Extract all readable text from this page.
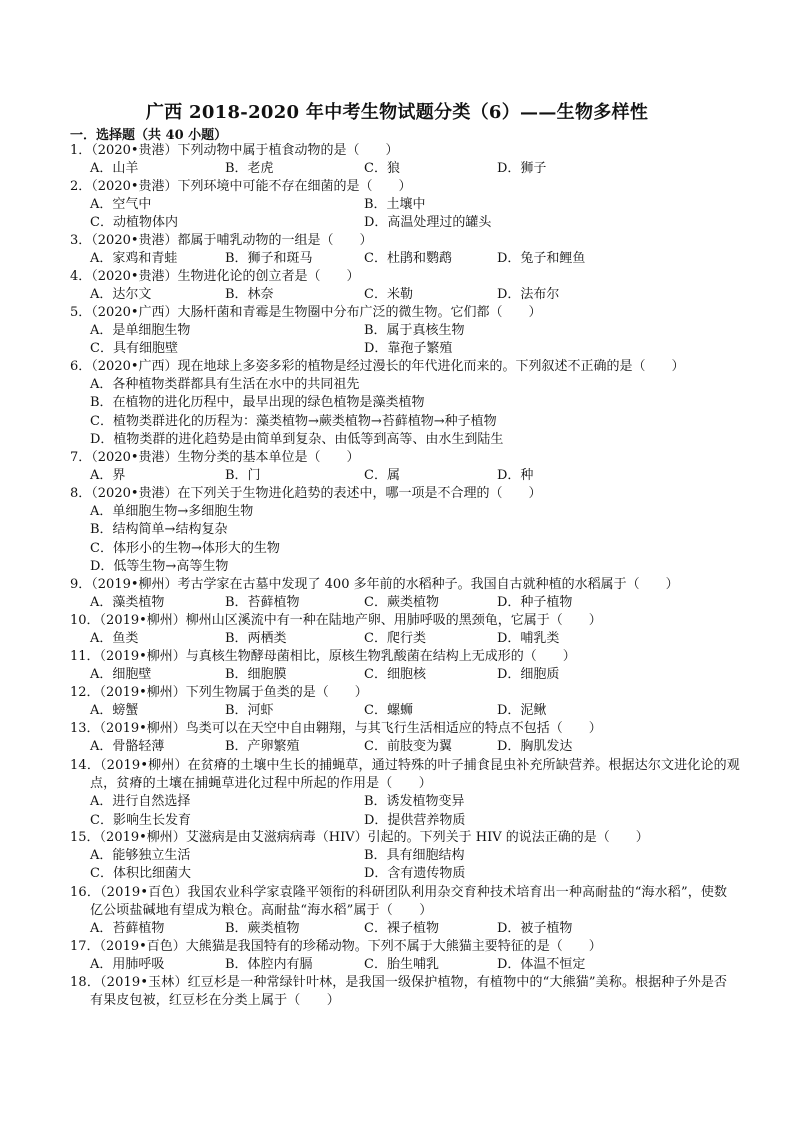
广西 2018-2020 年中考生物试题分类（6）——生物多样性
一．选择题（共 40 小题）
1．（2020•贵港）下列动物中属于植食动物的是（　　）
A．山羊	B．老虎	C．狼	D．狮子
2．（2020•贵港）下列环境中可能不存在细菌的是（　　）
A．空气中	B．土壤中
C．动植物体内	D．高温处理过的罐头
3．（2020•贵港）都属于哺乳动物的一组是（　　）
A．家鸡和青蛙	B．狮子和斑马	C．杜鹃和鹦鹉	D．兔子和鲤鱼
4．（2020•贵港）生物进化论的创立者是（　　）
A．达尔文	B．林奈	C．米勒	D．法布尔
5．（2020•广西）大肠杆菌和青霉是生物圈中分布广泛的微生物。它们都（　　）
A．是单细胞生物	B．属于真核生物
C．具有细胞壁	D．靠孢子繁殖
6．（2020•广西）现在地球上多姿多彩的植物是经过漫长的年代进化而来的。下列叙述不正确的是（　　）
A．各种植物类群都具有生活在水中的共同祖先
B．在植物的进化历程中，最早出现的绿色植物是藻类植物
C．植物类群进化的历程为：藻类植物→蕨类植物→苔藓植物→种子植物
D．植物类群的进化趋势是由简单到复杂、由低等到高等、由水生到陆生
7．（2020•贵港）生物分类的基本单位是（　　）
A．界	B．门	C．属	D．种
8．（2020•贵港）在下列关于生物进化趋势的表述中，哪一项是不合理的（　　）
A．单细胞生物→多细胞生物
B．结构简单→结构复杂
C．体形小的生物→体形大的生物
D．低等生物→高等生物
9．（2019•柳州）考古学家在古墓中发现了 400 多年前的水稻种子。我国自古就种植的水稻属于（　　）
A．藻类植物	B．苔藓植物	C．蕨类植物	D．种子植物
10．（2019•柳州）柳州山区溪流中有一种在陆地产卵、用肺呼吸的黑颈龟，它属于（　　）
A．鱼类	B．两栖类	C．爬行类	D．哺乳类
11．（2019•柳州）与真核生物酵母菌相比，原核生物乳酸菌在结构上无成形的（　　）
A．细胞壁	B．细胞膜	C．细胞核	D．细胞质
12．（2019•柳州）下列生物属于鱼类的是（　　）
A．螃蟹	B．河虾	C．螺蛳	D．泥鳅
13．（2019•柳州）鸟类可以在天空中自由翱翔，与其飞行生活相适应的特点不包括（　　）
A．骨骼轻薄	B．产卵繁殖	C．前肢变为翼	D．胸肌发达
14．（2019•柳州）在贫瘠的土壤中生长的捕蝇草，通过特殊的叶子捕食昆虫补充所缺营养。根据达尔文进化论的观点，贫瘠的土壤在捕蝇草进化过程中所起的作用是（　　）
A．进行自然选择	B．诱发植物变异
C．影响生长发育	D．提供营养物质
15．（2019•柳州）艾滋病是由艾滋病病毒（HIV）引起的。下列关于 HIV 的说法正确的是（　　）
A．能够独立生活	B．具有细胞结构
C．体积比细菌大	D．含有遗传物质
16．（2019•百色）我国农业科学家袁隆平领衔的科研团队利用杂交育种技术培育出一种高耐盐的“海水稻”，使数亿公顷盐碱地有望成为粮仓。高耐盐“海水稻”属于（　　）
A．苔藓植物	B．蕨类植物	C．裸子植物	D．被子植物
17．（2019•百色）大熊猫是我国特有的珍稀动物。下列不属于大熊猫主要特征的是（　　）
A．用肺呼吸	B．体腔内有膈	C．胎生哺乳	D．体温不恒定
18．（2019•玉林）红豆杉是一种常绿针叶林，是我国一级保护植物，有植物中的“大熊猫”美称。根据种子外是否有果皮包被，红豆杉在分类上属于（　　）
